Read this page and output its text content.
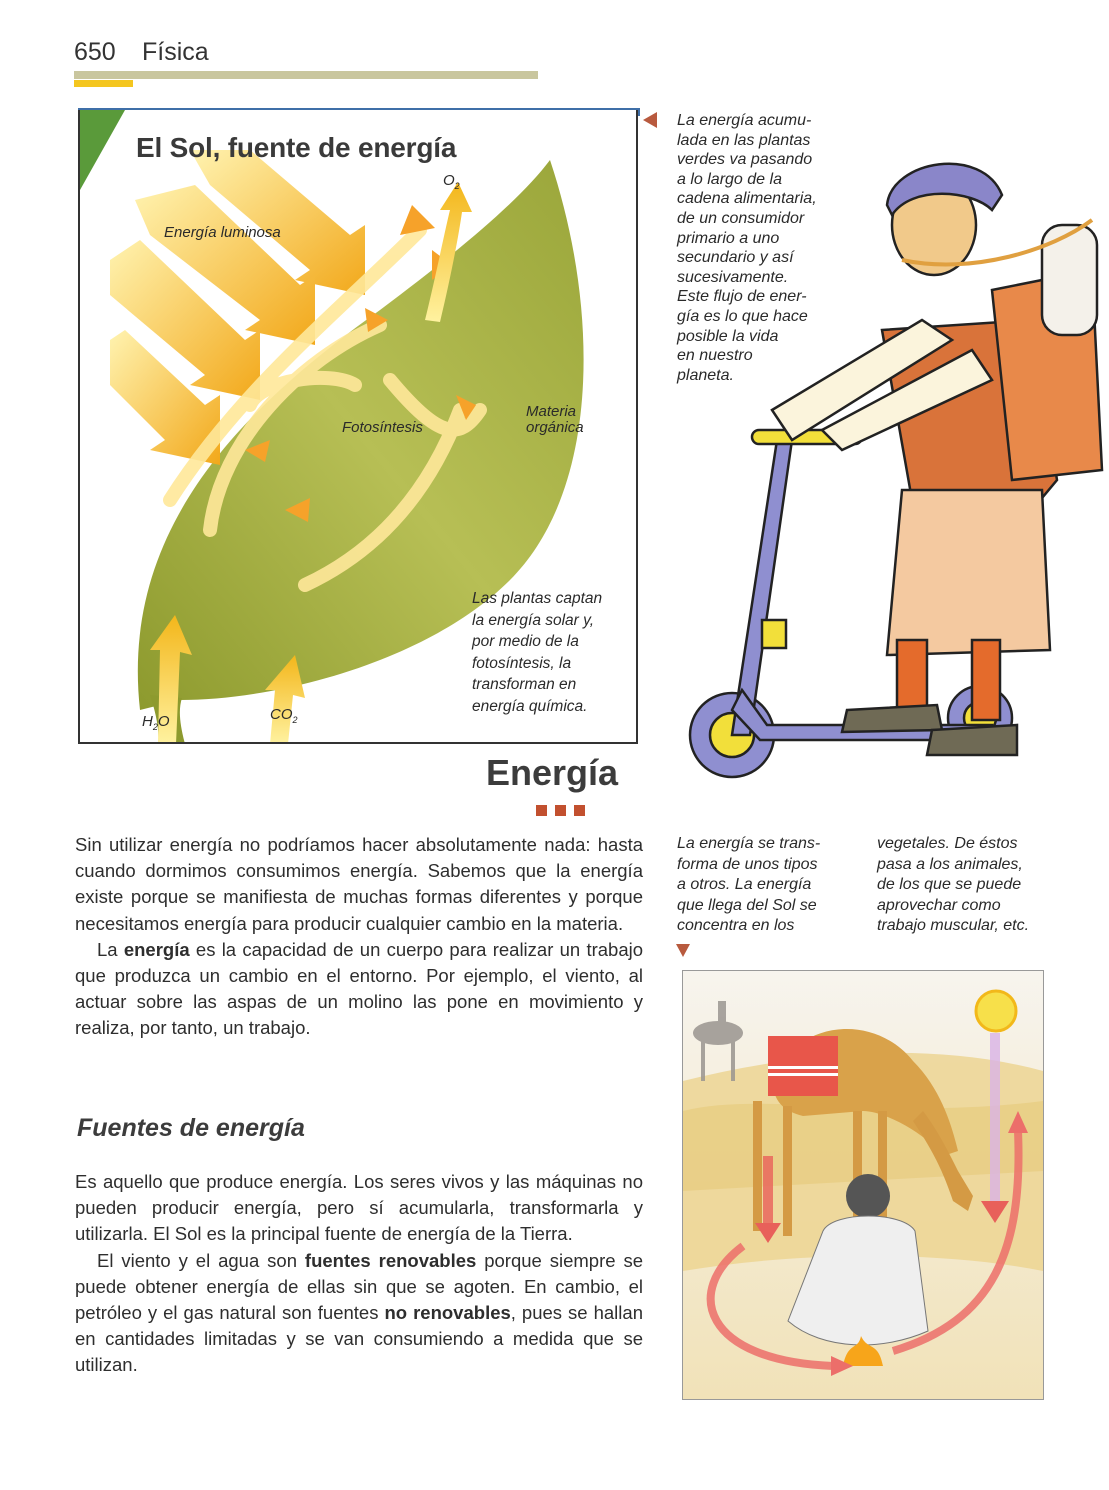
650 Física
El Sol, fuente de energía
Energía luminosa
$O_2$
Fotosíntesis
Materia
orgánica
$H_2O$	$CO_2$
Las plantas captan
la energía solar y,
por medio de la
fotosíntesis, la
transforman en
energía química.
La energía acumu-
lada en las plantas
verdes va pasando
a lo largo de la
cadena alimentaria,
de un consumidor
primario a uno
secundario y así
sucesivamente.
Este flujo de ener-
gía es lo que hace
posible la vida
en nuestro
planeta.
Energía

Sin utilizar energía no podríamos hacer absolutamente nada: hasta cuando dormimos consumimos energía. Sabemos que la energía existe porque se manifiesta de muchas formas diferentes y porque necesitamos energía para producir cualquier cambio en la materia.

La energía es la capacidad de un cuerpo para realizar un trabajo que produzca un cambio en el entorno. Por ejemplo, el viento, al actuar sobre las aspas de un molino las pone en movimiento y realiza, por tanto, un trabajo.

Fuentes de energía

Es aquello que produce energía. Los seres vivos y las máquinas no pueden producir energía, pero sí acumularla, transformarla y utilizarla. El Sol es la principal fuente de energía de la Tierra.

El viento y el agua son fuentes renovables porque siempre se puede obtener energía de ellas sin que se agoten. En cambio, el petróleo y el gas natural son fuentes no renovables, pues se hallan en cantidades limitadas y se van consumiendo a medida que se utilizan.

La energía se trans-
forma de unos tipos
a otros. La energía
que llega del Sol se
concentra en los
vegetales. De éstos
pasa a los animales,
de los que se puede
aprovechar como
trabajo muscular, etc.
